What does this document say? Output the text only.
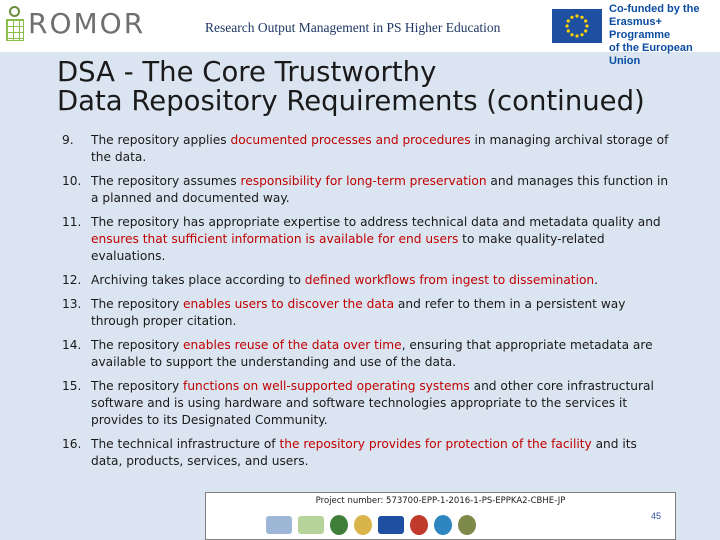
ROMOR	Research Output Management in PS Higher Education
Co-funded by the
Erasmus+ Programme
of the European Union
DSA - The Core Trustworthy
Data Repository Requirements (continued)
9.	The repository applies documented processes and procedures in managing archival storage of the data.
10. The repository assumes responsibility for long-term preservation and manages this function in a planned and documented way.
11. The repository has appropriate expertise to address technical data and metadata quality and ensures that sufficient information is available for end users to make quality-related evaluations.
12. Archiving takes place according to defined workflows from ingest to dissemination.
13. The repository enables users to discover the data and refer to them in a persistent way through proper citation.
14. The repository enables reuse of the data over time, ensuring that appropriate metadata are available to support the understanding and use of the data.
15. The repository functions on well-supported operating systems and other core infrastructural software and is using hardware and software technologies appropriate to the services it provides to its Designated Community.
16. The technical infrastructure of the repository provides for protection of the facility and its data, products, services, and users.
Project number: 573700-EPP-1-2016-1-PS-EPPKA2-CBHE-JP
45
